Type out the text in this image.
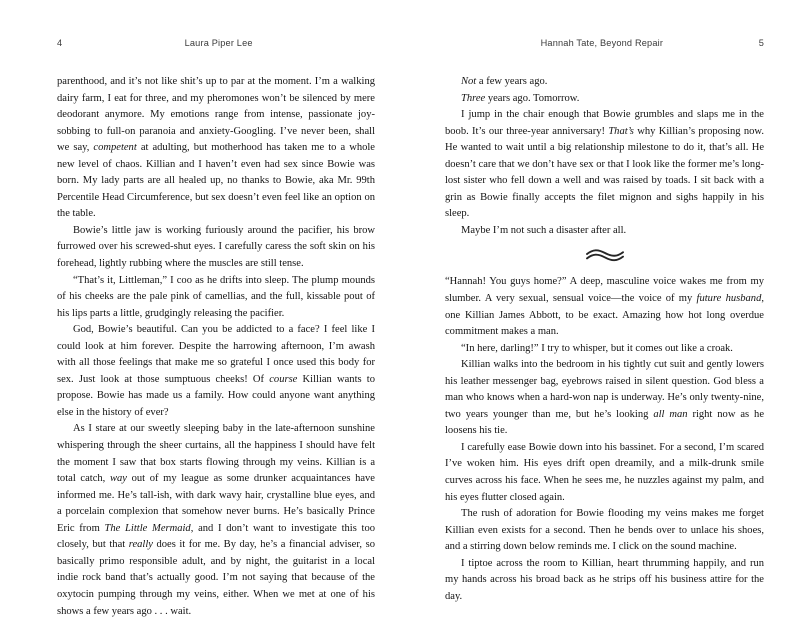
4	Laura Piper Lee	Hannah Tate, Beyond Repair	5

parenthood, and it’s not like shit’s up to par at the moment. I’m a walking dairy farm, I eat for three, and my pheromones won’t be silenced by mere deodorant anymore. My emotions range from intense, passionate joy-sobbing to full-on paranoia and anxiety-Googling. I’ve never been, shall we say, competent at adulting, but motherhood has taken me to a whole new level of chaos. Killian and I haven’t even had sex since Bowie was born. My lady parts are all healed up, no thanks to Bowie, aka Mr. 99th Percentile Head Circumference, but sex doesn’t even feel like an option on the table.

Bowie’s little jaw is working furiously around the pacifier, his brow furrowed over his screwed-shut eyes. I carefully caress the soft skin on his forehead, lightly rubbing where the muscles are still tense.

“That’s it, Littleman,” I coo as he drifts into sleep. The plump mounds of his cheeks are the pale pink of camellias, and the full, kissable pout of his lips parts a little, grudgingly releasing the pacifier.

God, Bowie’s beautiful. Can you be addicted to a face? I feel like I could look at him forever. Despite the harrowing afternoon, I’m awash with all those feelings that make me so grateful I once used this body for sex. Just look at those sumptuous cheeks! Of course Killian wants to propose. Bowie has made us a family. How could anyone want anything else in the history of ever?

As I stare at our sweetly sleeping baby in the late-afternoon sunshine whispering through the sheer curtains, all the happiness I should have felt the moment I saw that box starts flowing through my veins. Killian is a total catch, way out of my league as some drunker acquaintances have informed me. He’s tall-ish, with dark wavy hair, crystalline blue eyes, and a porcelain complexion that somehow never burns. He’s basically Prince Eric from The Little Mermaid, and I don’t want to investigate this too closely, but that really does it for me. By day, he’s a financial adviser, so basically primo responsible adult, and by night, the guitarist in a local indie rock band that’s actually good. I’m not saying that because of the oxytocin pumping through my veins, either. When we met at one of his shows a few years ago . . . wait.

Not a few years ago.

Three years ago. Tomorrow.

I jump in the chair enough that Bowie grumbles and slaps me in the boob. It’s our three-year anniversary! That’s why Killian’s proposing now. He wanted to wait until a big relationship milestone to do it, that’s all. He doesn’t care that we don’t have sex or that I look like the former me’s long-lost sister who fell down a well and was raised by toads. I sit back with a grin as Bowie finally accepts the filet mignon and sighs happily in his sleep.

Maybe I’m not such a disaster after all.

“Hannah! You guys home?” A deep, masculine voice wakes me from my slumber. A very sexual, sensual voice—the voice of my future husband, one Killian James Abbott, to be exact. Amazing how hot long overdue commitment makes a man.

“In here, darling!” I try to whisper, but it comes out like a croak.

Killian walks into the bedroom in his tightly cut suit and gently lowers his leather messenger bag, eyebrows raised in silent question. God bless a man who knows when a hard-won nap is underway. He’s only twenty-nine, two years younger than me, but he’s looking all man right now as he loosens his tie.

I carefully ease Bowie down into his bassinet. For a second, I’m scared I’ve woken him. His eyes drift open dreamily, and a milk-drunk smile curves across his face. When he sees me, he nuzzles against my palm, and his eyes flutter closed again.

The rush of adoration for Bowie flooding my veins makes me forget Killian even exists for a second. Then he bends over to unlace his shoes, and a stirring down below reminds me. I click on the sound machine.

I tiptoe across the room to Killian, heart thrumming happily, and run my hands across his broad back as he strips off his business attire for the day.
